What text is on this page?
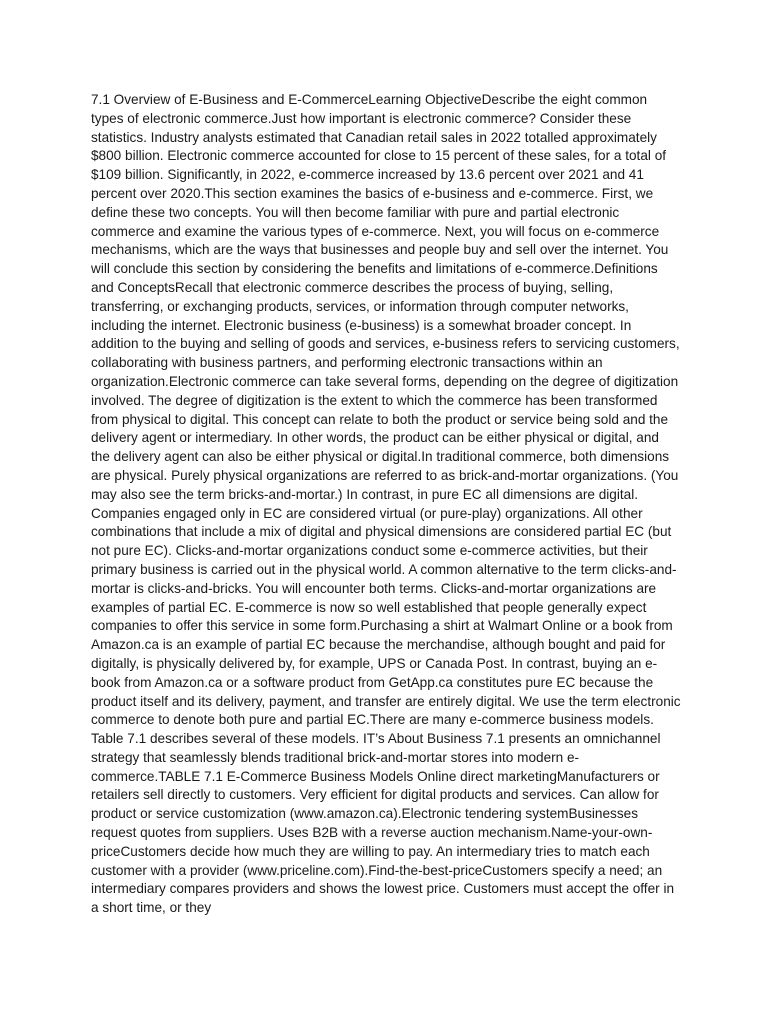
7.1 Overview of E-Business and E-CommerceLearning ObjectiveDescribe the eight common types of electronic commerce.Just how important is electronic commerce? Consider these statistics. Industry analysts estimated that Canadian retail sales in 2022 totalled approximately $800 billion. Electronic commerce accounted for close to 15 percent of these sales, for a total of $109 billion. Significantly, in 2022, e-commerce increased by 13.6 percent over 2021 and 41 percent over 2020.This section examines the basics of e-business and e-commerce. First, we define these two concepts. You will then become familiar with pure and partial electronic commerce and examine the various types of e-commerce. Next, you will focus on e-commerce mechanisms, which are the ways that businesses and people buy and sell over the internet. You will conclude this section by considering the benefits and limitations of e-commerce.Definitions and ConceptsRecall that electronic commerce describes the process of buying, selling, transferring, or exchanging products, services, or information through computer networks, including the internet. Electronic business (e-business) is a somewhat broader concept. In addition to the buying and selling of goods and services, e-business refers to servicing customers, collaborating with business partners, and performing electronic transactions within an organization.Electronic commerce can take several forms, depending on the degree of digitization involved. The degree of digitization is the extent to which the commerce has been transformed from physical to digital. This concept can relate to both the product or service being sold and the delivery agent or intermediary. In other words, the product can be either physical or digital, and the delivery agent can also be either physical or digital.In traditional commerce, both dimensions are physical. Purely physical organizations are referred to as brick-and-mortar organizations. (You may also see the term bricks-and-mortar.) In contrast, in pure EC all dimensions are digital. Companies engaged only in EC are considered virtual (or pure-play) organizations. All other combinations that include a mix of digital and physical dimensions are considered partial EC (but not pure EC). Clicks-and-mortar organizations conduct some e-commerce activities, but their primary business is carried out in the physical world. A common alternative to the term clicks-and-mortar is clicks-and-bricks. You will encounter both terms. Clicks-and-mortar organizations are examples of partial EC. E-commerce is now so well established that people generally expect companies to offer this service in some form.Purchasing a shirt at Walmart Online or a book from Amazon.ca is an example of partial EC because the merchandise, although bought and paid for digitally, is physically delivered by, for example, UPS or Canada Post. In contrast, buying an e-book from Amazon.ca or a software product from GetApp.ca constitutes pure EC because the product itself and its delivery, payment, and transfer are entirely digital. We use the term electronic commerce to denote both pure and partial EC.There are many e-commerce business models. Table 7.1 describes several of these models. IT’s About Business 7.1 presents an omnichannel strategy that seamlessly blends traditional brick-and-mortar stores into modern e-commerce.TABLE 7.1 E-Commerce Business Models Online direct marketingManufacturers or retailers sell directly to customers. Very efficient for digital products and services. Can allow for product or service customization (www.amazon.ca).Electronic tendering systemBusinesses request quotes from suppliers. Uses B2B with a reverse auction mechanism.Name-your-own-priceCustomers decide how much they are willing to pay. An intermediary tries to match each customer with a provider (www.priceline.com).Find-the-best-priceCustomers specify a need; an intermediary compares providers and shows the lowest price. Customers must accept the offer in a short time, or they
